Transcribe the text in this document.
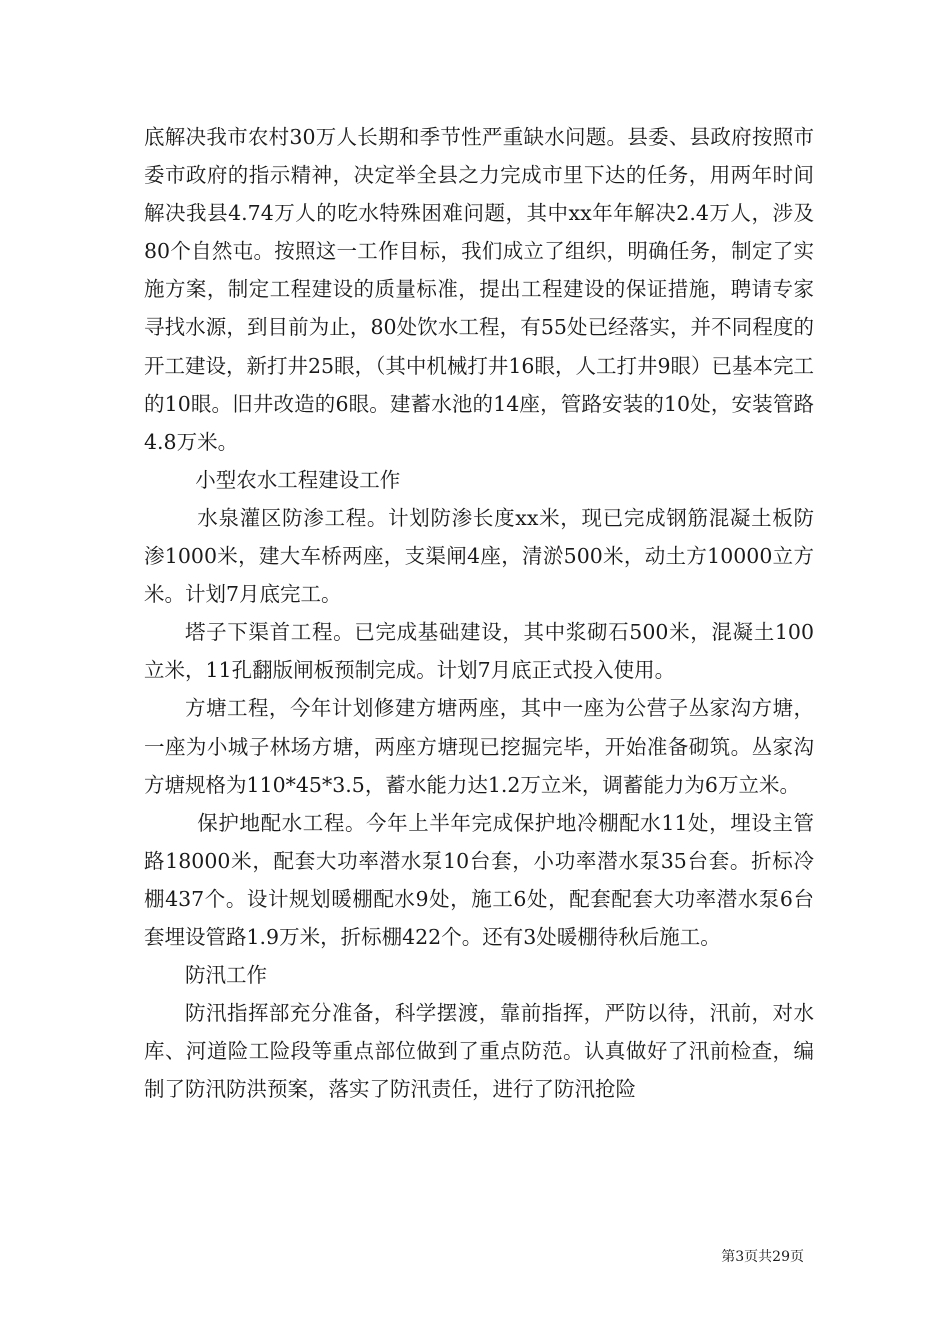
底解决我市农村30万人长期和季节性严重缺水问题。县委、县政府按照市委市政府的指示精神，决定举全县之力完成市里下达的任务，用两年时间解决我县4.74万人的吃水特殊困难问题，其中xx年年解决2.4万人，涉及80个自然屯。按照这一工作目标，我们成立了组织，明确任务，制定了实施方案，制定工程建设的质量标准，提出工程建设的保证措施，聘请专家寻找水源，到目前为止，80处饮水工程，有55处已经落实，并不同程度的开工建设，新打井25眼，（其中机械打井16眼，人工打井9眼）已基本完工的10眼。旧井改造的6眼。建蓄水池的14座，管路安装的10处，安装管路4.8万米。

小型农水工程建设工作

水泉灌区防渗工程。计划防渗长度xx米，现已完成钢筋混凝土板防渗1000米，建大车桥两座，支渠闸4座，清淤500米，动土方10000立方米。计划7月底完工。

塔子下渠首工程。已完成基础建设，其中浆砌石500米，混凝土100立米，11孔翻版闸板预制完成。计划7月底正式投入使用。

方塘工程，今年计划修建方塘两座，其中一座为公营子丛家沟方塘，一座为小城子林场方塘，两座方塘现已挖掘完毕，开始准备砌筑。丛家沟方塘规格为110*45*3.5，蓄水能力达1.2万立米，调蓄能力为6万立米。

保护地配水工程。今年上半年完成保护地冷棚配水11处，埋设主管路18000米，配套大功率潜水泵10台套，小功率潜水泵35台套。折标冷棚437个。设计规划暖棚配水9处，施工6处，配套配套大功率潜水泵6台套埋设管路1.9万米，折标棚422个。还有3处暖棚待秋后施工。

防汛工作

防汛指挥部充分准备，科学摆渡，靠前指挥，严防以待，汛前，对水库、河道险工险段等重点部位做到了重点防范。认真做好了汛前检查，编制了防汛防洪预案，落实了防汛责任，进行了防汛抢险

第3页共29页
